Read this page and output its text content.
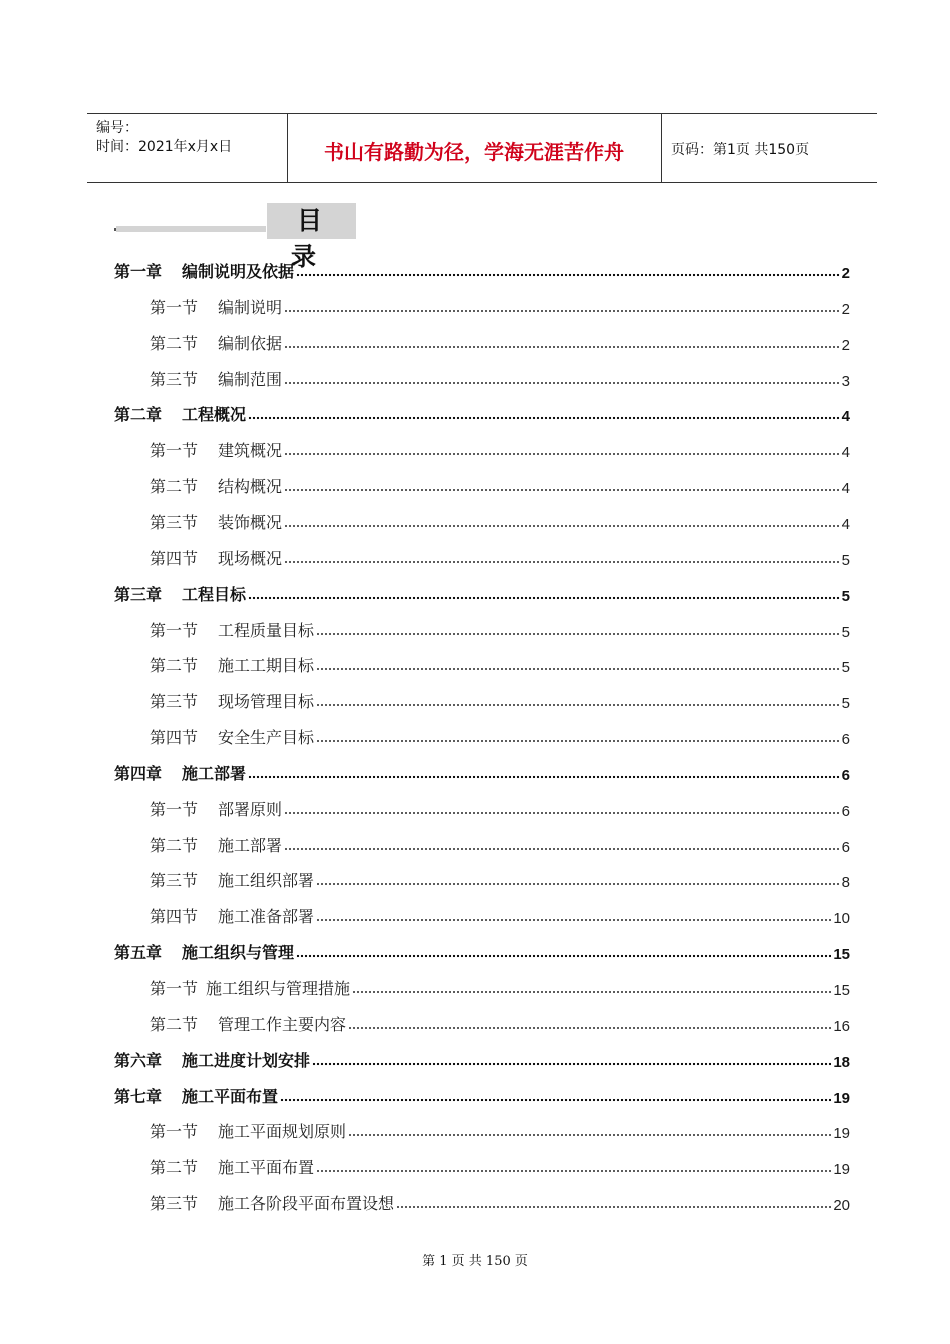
编号：
时间：2021年x月x日	书山有路勤为径，学海无涯苦作舟	页码：第1页 共150页
目录
第一章 编制说明及依据	2
第一节 编制说明	2
第二节 编制依据	2
第三节 编制范围	3
第二章 工程概况	4
第一节 建筑概况	4
第二节 结构概况	4
第三节 装饰概况	4
第四节 现场概况	5
第三章 工程目标	5
第一节 工程质量目标	5
第二节 施工工期目标	5
第三节 现场管理目标	5
第四节 安全生产目标	6
第四章 施工部署	6
第一节 部署原则	6
第二节 施工部署	6
第三节 施工组织部署	8
第四节 施工准备部署	10
第五章 施工组织与管理	15
第一节 施工组织与管理措施	15
第二节 管理工作主要内容	16
第六章 施工进度计划安排	18
第七章 施工平面布置	19
第一节 施工平面规划原则	19
第二节 施工平面布置	19
第三节 施工各阶段平面布置设想	20
第 1 页 共 150 页
